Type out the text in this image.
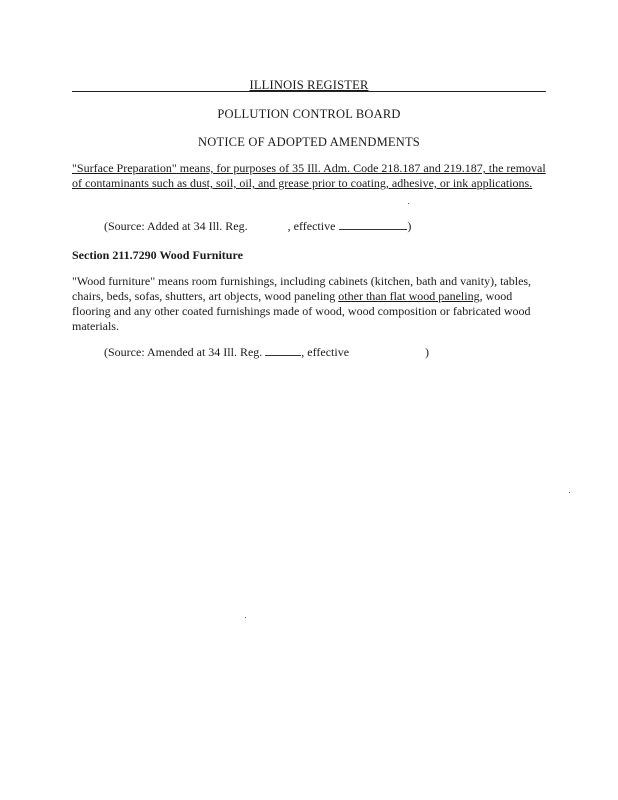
ILLINOIS REGISTER
POLLUTION CONTROL BOARD
NOTICE OF ADOPTED AMENDMENTS
"Surface Preparation" means, for purposes of 35 Ill. Adm. Code 218.187 and 219.187, the removal of contaminants such as dust, soil, oil, and grease prior to coating, adhesive, or ink applications.
(Source: Added at 34 Ill. Reg.	, effective	)
Section 211.7290 Wood Furniture
"Wood furniture" means room furnishings, including cabinets (kitchen, bath and vanity), tables, chairs, beds, sofas, shutters, art objects, wood paneling other than flat wood paneling, wood flooring and any other coated furnishings made of wood, wood composition or fabricated wood materials.
(Source: Amended at 34 Ill. Reg.	, effective	)
